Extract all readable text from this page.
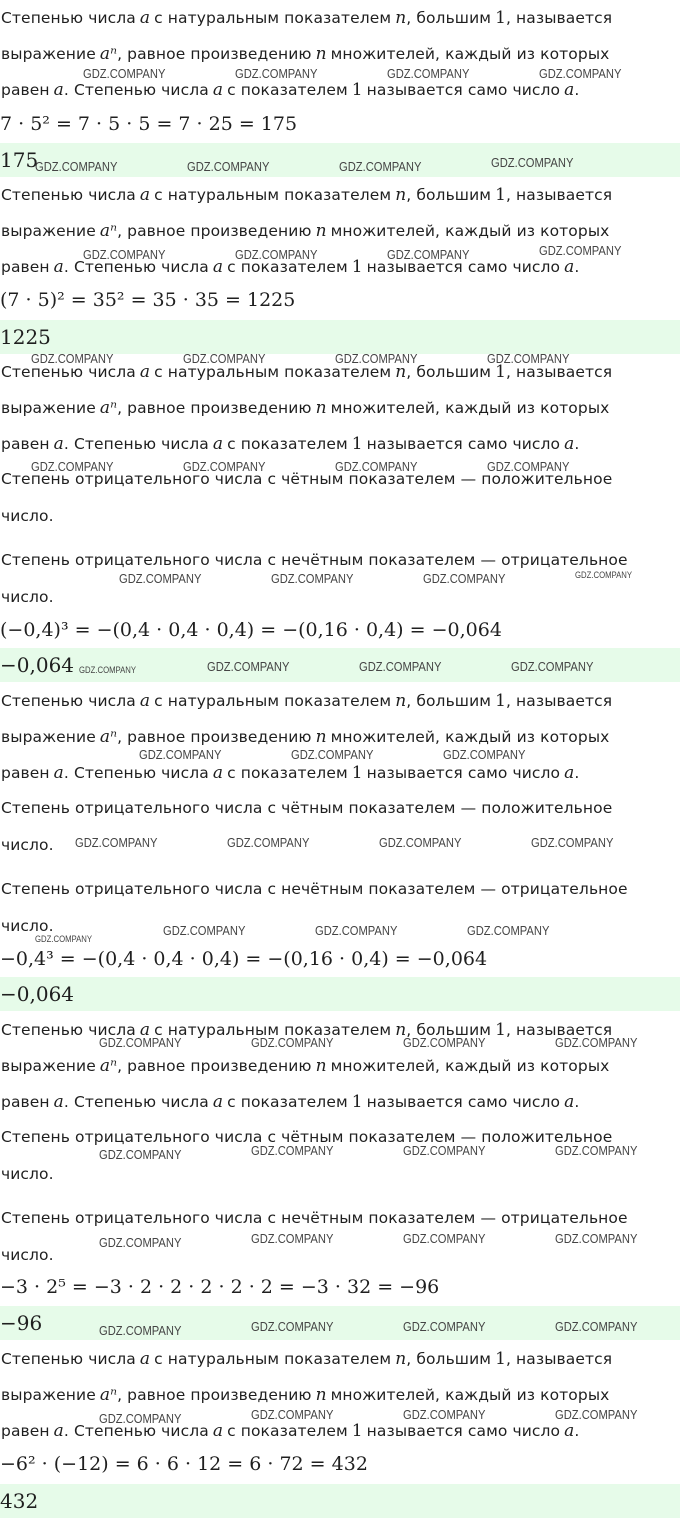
Степенью числа a с натуральным показателем n, большим 1, называется
выражение aⁿ, равное произведению n множителей, каждый из которых
равен a. Степенью числа a с показателем 1 называется само число a.
7 · 5² = 7 · 5 · 5 = 7 · 25 = 175
175
Степенью числа a с натуральным показателем n, большим 1, называется
выражение aⁿ, равное произведению n множителей, каждый из которых
равен a. Степенью числа a с показателем 1 называется само число a.
(7 · 5)² = 35² = 35 · 35 = 1225
1225
Степенью числа a с натуральным показателем n, большим 1, называется
выражение aⁿ, равное произведению n множителей, каждый из которых
равен a. Степенью числа a с показателем 1 называется само число a.
Степень отрицательного числа с чётным показателем — положительное
число.
Степень отрицательного числа с нечётным показателем — отрицательное
число.
(−0,4)³ = −(0,4 · 0,4 · 0,4) = −(0,16 · 0,4) = −0,064
−0,064
Степенью числа a с натуральным показателем n, большим 1, называется
выражение aⁿ, равное произведению n множителей, каждый из которых
равен a. Степенью числа a с показателем 1 называется само число a.
Степень отрицательного числа с чётным показателем — положительное
число.
Степень отрицательного числа с нечётным показателем — отрицательное
число.
−0,4³ = −(0,4 · 0,4 · 0,4) = −(0,16 · 0,4) = −0,064
−0,064
Степенью числа a с натуральным показателем n, большим 1, называется
выражение aⁿ, равное произведению n множителей, каждый из которых
равен a. Степенью числа a с показателем 1 называется само число a.
Степень отрицательного числа с чётным показателем — положительное
число.
Степень отрицательного числа с нечётным показателем — отрицательное
число.
−3 · 2⁵ = −3 · 2 · 2 · 2 · 2 · 2 = −3 · 32 = −96
−96
Степенью числа a с натуральным показателем n, большим 1, называется
выражение aⁿ, равное произведению n множителей, каждый из которых
равен a. Степенью числа a с показателем 1 называется само число a.
−6² · (−12) = 6 · 6 · 12 = 6 · 72 = 432
432
GDZ.COMPANY	GDZ.COMPANY	GDZ.COMPANY	GDZ.COMPANY
GDZ.COMPANY	GDZ.COMPANY	GDZ.COMPANY	GDZ.COMPANY
GDZ.COMPANY	GDZ.COMPANY	GDZ.COMPANY	GDZ.COMPANY
GDZ.COMPANY	GDZ.COMPANY	GDZ.COMPANY	GDZ.COMPANY
GDZ.COMPANY	GDZ.COMPANY	GDZ.COMPANY	GDZ.COMPANY
GDZ.COMPANY	GDZ.COMPANY	GDZ.COMPANY
GDZ.COMPANY	GDZ.COMPANY	GDZ.COMPANY
GDZ.COMPANY	GDZ.COMPANY	GDZ.COMPANY
GDZ.COMPANY	GDZ.COMPANY	GDZ.COMPANY	GDZ.COMPANY
GDZ.COMPANY	GDZ.COMPANY	GDZ.COMPANY
GDZ.COMPANY	GDZ.COMPANY	GDZ.COMPANY	GDZ.COMPANY
GDZ.COMPANY	GDZ.COMPANY	GDZ.COMPANY	GDZ.COMPANY
GDZ.COMPANY	GDZ.COMPANY	GDZ.COMPANY	GDZ.COMPANY
GDZ.COMPANY	GDZ.COMPANY	GDZ.COMPANY	GDZ.COMPANY
GDZ.COMPANY	GDZ.COMPANY	GDZ.COMPANY	GDZ.COMPANY
GDZ.COMPANY
GDZ.COMPANY
GDZ.COMPANY
